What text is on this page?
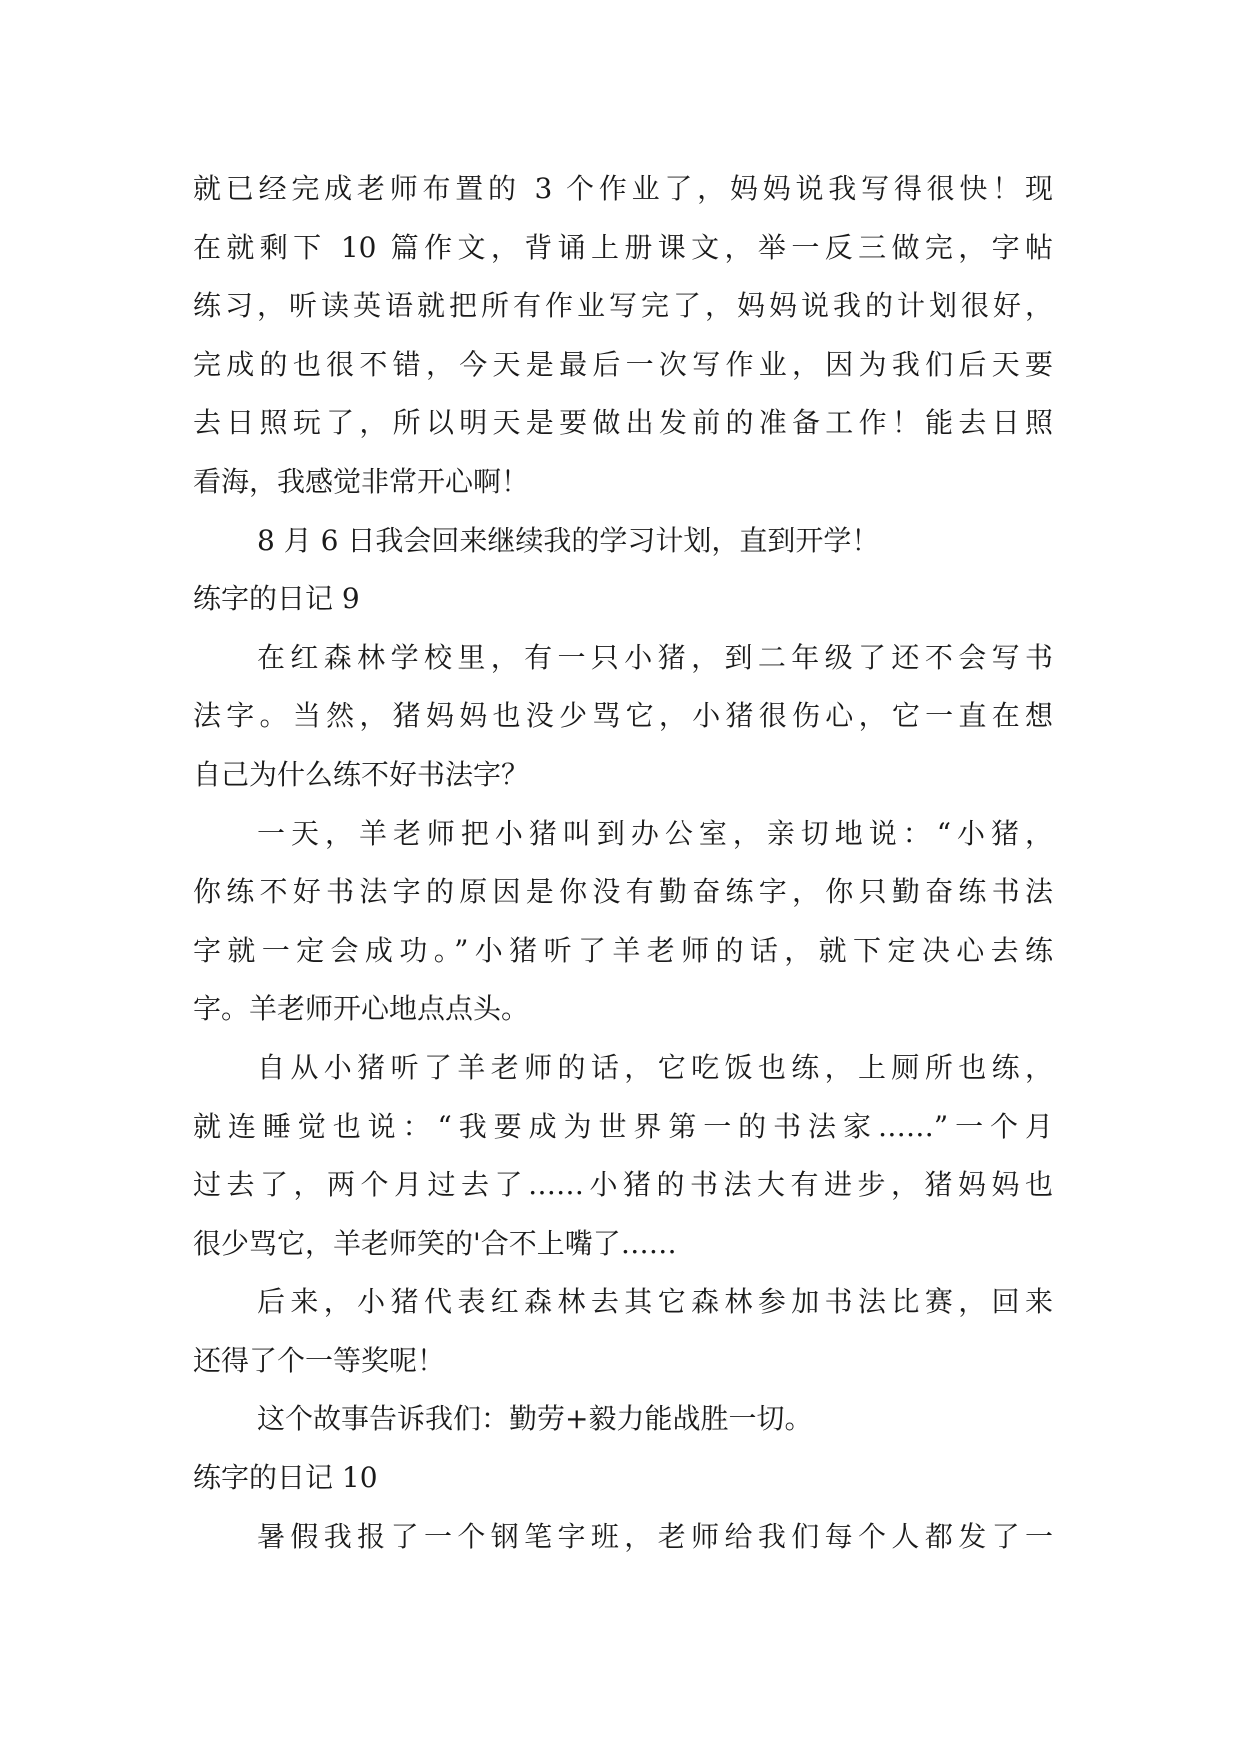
就已经完成老师布置的 3 个作业了，妈妈说我写得很快！现
在就剩下 10 篇作文，背诵上册课文，举一反三做完，字帖
练习，听读英语就把所有作业写完了，妈妈说我的计划很好，
完成的也很不错，今天是最后一次写作业，因为我们后天要
去日照玩了，所以明天是要做出发前的准备工作！能去日照
看海，我感觉非常开心啊！
8 月 6 日我会回来继续我的学习计划，直到开学！
练字的日记 9
在红森林学校里，有一只小猪，到二年级了还不会写书
法字。当然，猪妈妈也没少骂它，小猪很伤心，它一直在想
自己为什么练不好书法字？
一天，羊老师把小猪叫到办公室，亲切地说：“小猪，
你练不好书法字的原因是你没有勤奋练字，你只勤奋练书法
字就一定会成功。”小猪听了羊老师的话，就下定决心去练
字。羊老师开心地点点头。
自从小猪听了羊老师的话，它吃饭也练，上厕所也练，
就连睡觉也说：“我要成为世界第一的书法家……”一个月
过去了，两个月过去了……小猪的书法大有进步，猪妈妈也
很少骂它，羊老师笑的'合不上嘴了……
后来，小猪代表红森林去其它森林参加书法比赛，回来
还得了个一等奖呢！
这个故事告诉我们：勤劳+毅力能战胜一切。
练字的日记 10
暑假我报了一个钢笔字班，老师给我们每个人都发了一
